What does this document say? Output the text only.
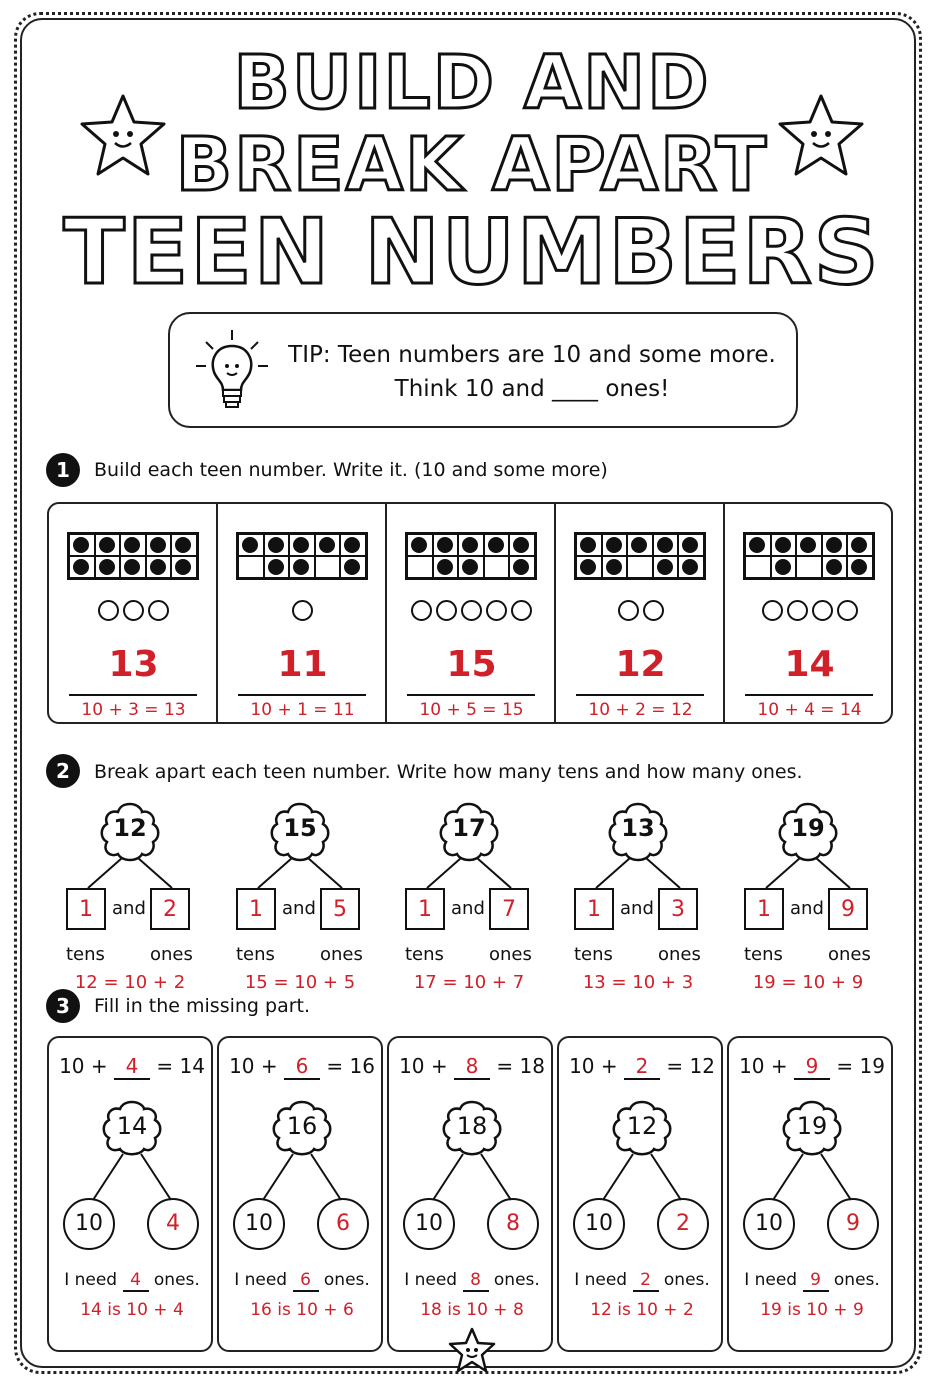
BUILD AND
BREAK APART
TEEN NUMBERS
TIP: Teen numbers are 10 and some more.
Think 10 and ____ ones!
1	Build each teen number. Write it. (10 and some more)
13
10 + 3 = 13
11
10 + 1 = 11
15
10 + 5 = 15
12
10 + 2 = 12
14
10 + 4 = 14
2	Break apart each teen number. Write how many tens and how many ones.
12
1	and 2
tens	ones
12 = 10 + 2
15
1	and 5
tens	ones
15 = 10 + 5
17
1	and 7
tens	ones
17 = 10 + 7
13
1	and 3
tens	ones
13 = 10 + 3
19
1	and 9
tens	ones
19 = 10 + 9
3	Fill in the missing part.
10 + 4 = 14
14
10	4
I need 4 ones.
14 is 10 + 4
10 + 6 = 16
16
10	6
I need 6 ones.
16 is 10 + 6
10 + 8 = 18
18
10	8
I need 8 ones.
18 is 10 + 8
10 + 2 = 12
12
10	2
I need 2 ones.
12 is 10 + 2
10 + 9 = 19
19
10	9
I need 9 ones.
19 is 10 + 9
